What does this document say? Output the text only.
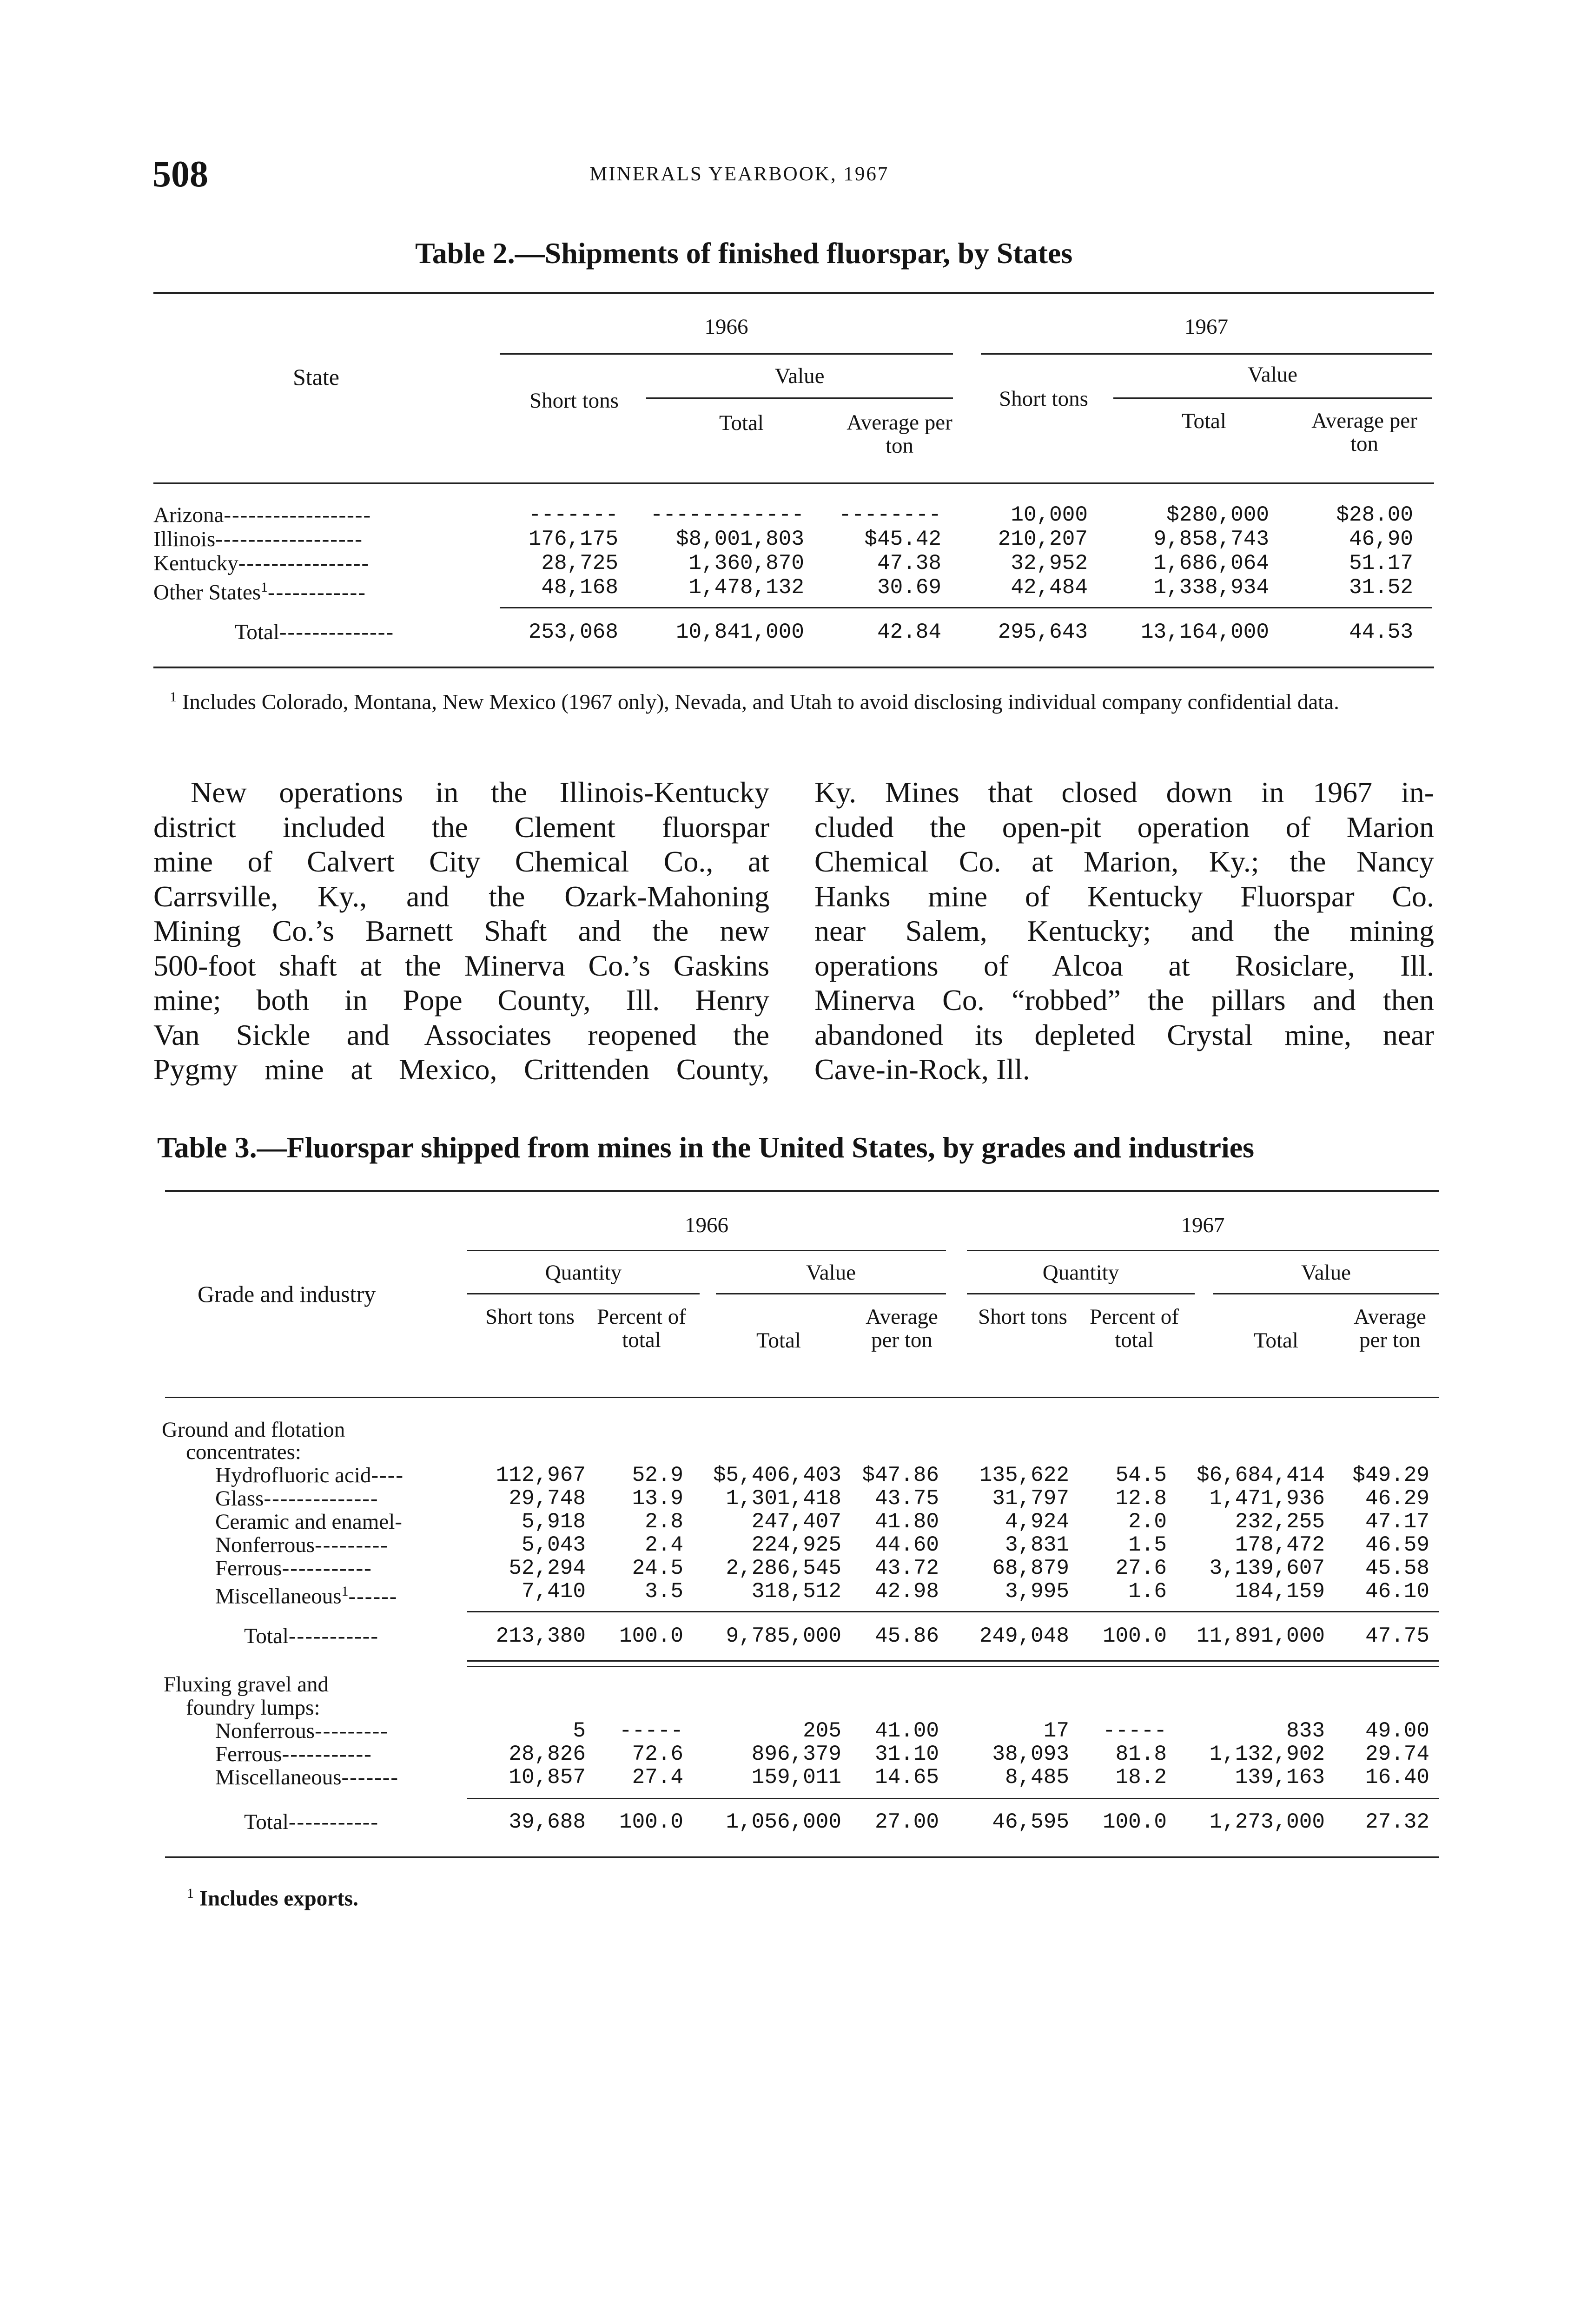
508	MINERALS YEARBOOK, 1967
Table 2.—Shipments of finished fluorspar, by States
State
1966	1967
Value	Value
Short tons
Total	Average per ton
Short tons
Total	Average per ton
Arizona------------------	-------	------------ --------	10,000	$280,000	$28.00
Illinois------------------	176,175	$8,001,803	$45.42	210,207	9,858,743	46,90
Kentucky----------------	28,725	1,360,870	47.38	32,952	1,686,064	51.17
Other States$^1$------------	48,168	1,478,132	30.69	42,484	1,338,934	31.52
Total--------------	253,068	10,841,000	42.84	295,643	13,164,000	44.53
$^1$ Includes Colorado, Montana, New Mexico (1967 only), Nevada, and Utah to avoid disclosing individual company confidential data.
New operations in the Illinois-Kentucky
district included the Clement fluorspar
mine of Calvert City Chemical Co., at
Carrsville, Ky., and the Ozark-Mahoning
Mining Co.’s Barnett Shaft and the new
500-foot shaft at the Minerva Co.’s Gaskins
mine; both in Pope County, Ill. Henry
Van Sickle and Associates reopened the
Pygmy mine at Mexico, Crittenden County,
Ky. Mines that closed down in 1967 in-
cluded the open-pit operation of Marion
Chemical Co. at Marion, Ky.; the Nancy
Hanks mine of Kentucky Fluorspar Co.
near Salem, Kentucky; and the mining
operations of Alcoa at Rosiclare, Ill.
Minerva Co. “robbed” the pillars and then
abandoned its depleted Crystal mine, near
Cave-in-Rock, Ill.
Table 3.—Fluorspar shipped from mines in the United States, by grades and industries
Grade and industry
1966	1967
Quantity	Value	Quantity	Value
Short tons Percent of total	Total
Average per ton
Short tons	Percent of total	Total
Average per ton
Ground and flotation
concentrates:
Hydrofluoric acid----	112,967	52.9	$5,406,403 $47.86	135,622	54.5	$6,684,414	$49.29
Glass--------------	29,748	13.9	1,301,418	43.75	31,797	12.8	1,471,936	46.29
Ceramic and enamel-	5,918	2.8	247,407	41.80	4,924	2.0	232,255	47.17
Nonferrous---------	5,043	2.4	224,925	44.60	3,831	1.5	178,472	46.59
Ferrous-----------	52,294	24.5	2,286,545	43.72	68,879	27.6	3,139,607	45.58
Miscellaneous$^1$------	7,410	3.5	318,512	42.98	3,995	1.6	184,159	46.10
Total-----------	213,380 100.0	9,785,000	45.86	249,048 100.0	11,891,000	47.75
Fluxing gravel and
foundry lumps:
Nonferrous---------	5 -----	205	41.00	17 -----	833	49.00
Ferrous-----------	28,826	72.6	896,379	31.10	38,093	81.8	1,132,902	29.74
Miscellaneous-------	10,857	27.4	159,011	14.65	8,485	18.2	139,163	16.40
Total-----------	39,688 100.0	1,056,000	27.00	46,595 100.0	1,273,000	27.32
$^1$ Includes exports.
